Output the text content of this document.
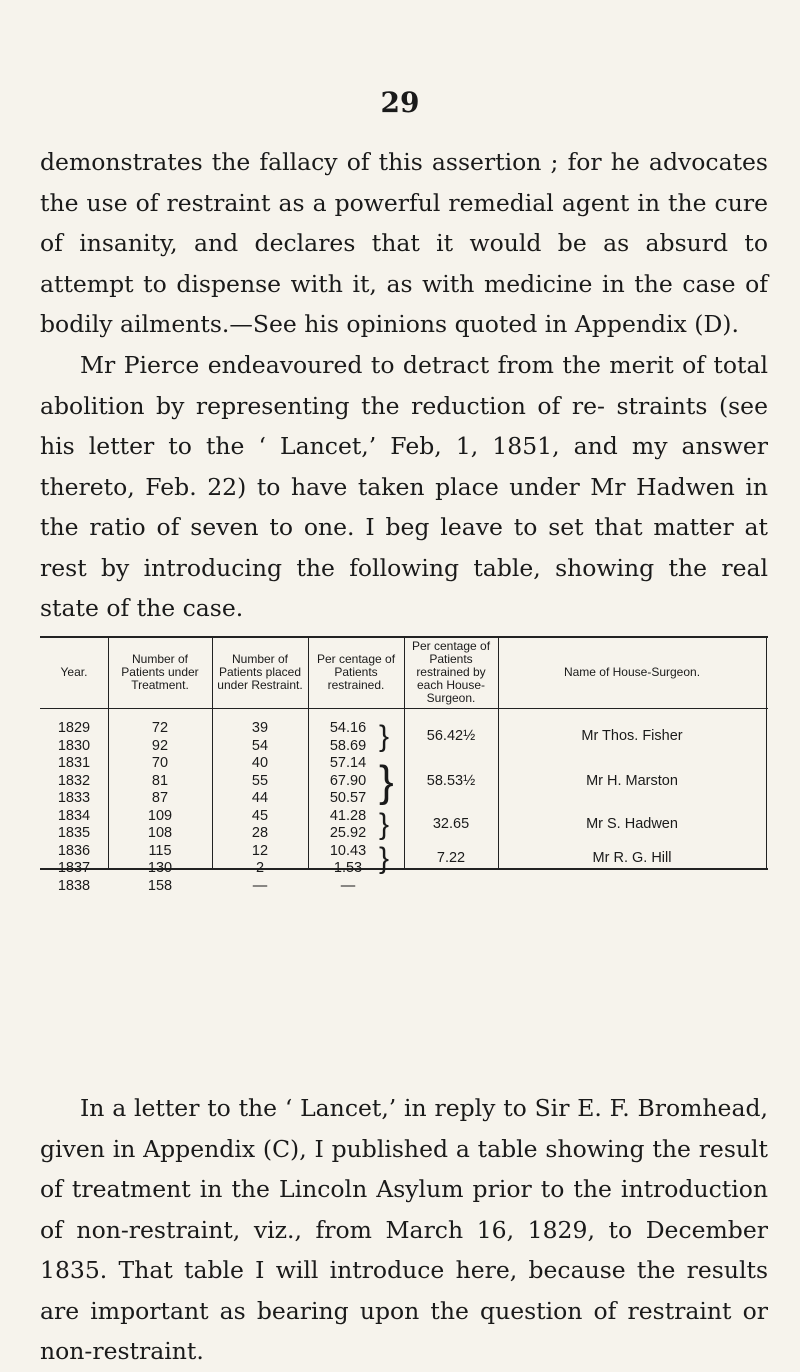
29

demonstrates the fallacy of this assertion ; for he advocates the use of restraint as a powerful remedial agent in the cure of insanity, and declares that it would be as absurd to attempt to dispense with it, as with medicine in the case of bodily ailments.—See his opinions quoted in Appendix (D).

Mr Pierce endeavoured to detract from the merit of total abolition by representing the reduction of re- straints (see his letter to the ‘ Lancet,’ Feb, 1, 1851, and my answer thereto, Feb. 22) to have taken place under Mr Hadwen in the ratio of seven to one. I beg leave to set that matter at rest by introducing the following table, showing the real state of the case.

Year.
Number of Patients under Treatment.
Number of Patients placed under Restraint.
Per centage of Patients restrained.
Per centage of Patients restrained by each House-Surgeon.
Name of House-Surgeon.
1829
1830
1831
1832
1833
1834
1835
1836
1837
1838
72
92
70
81
87
109
108
115
130
158
39
54
40
55
44
45
28
12
2
—
54.16
58.69
57.14
67.90
50.57
41.28
25.92
10.43
1.53
—
}
}
}
}
56.42½
58.53½
32.65
7.22
Mr Thos. Fisher
Mr H. Marston
Mr S. Hadwen
Mr R. G. Hill

In a letter to the ‘ Lancet,’ in reply to Sir E. F. Bromhead, given in Appendix (C), I published a table showing the result of treatment in the Lincoln Asylum prior to the introduction of non-restraint, viz., from March 16, 1829, to December 1835. That table I will introduce here, because the results are important as bearing upon the question of restraint or non-restraint.
